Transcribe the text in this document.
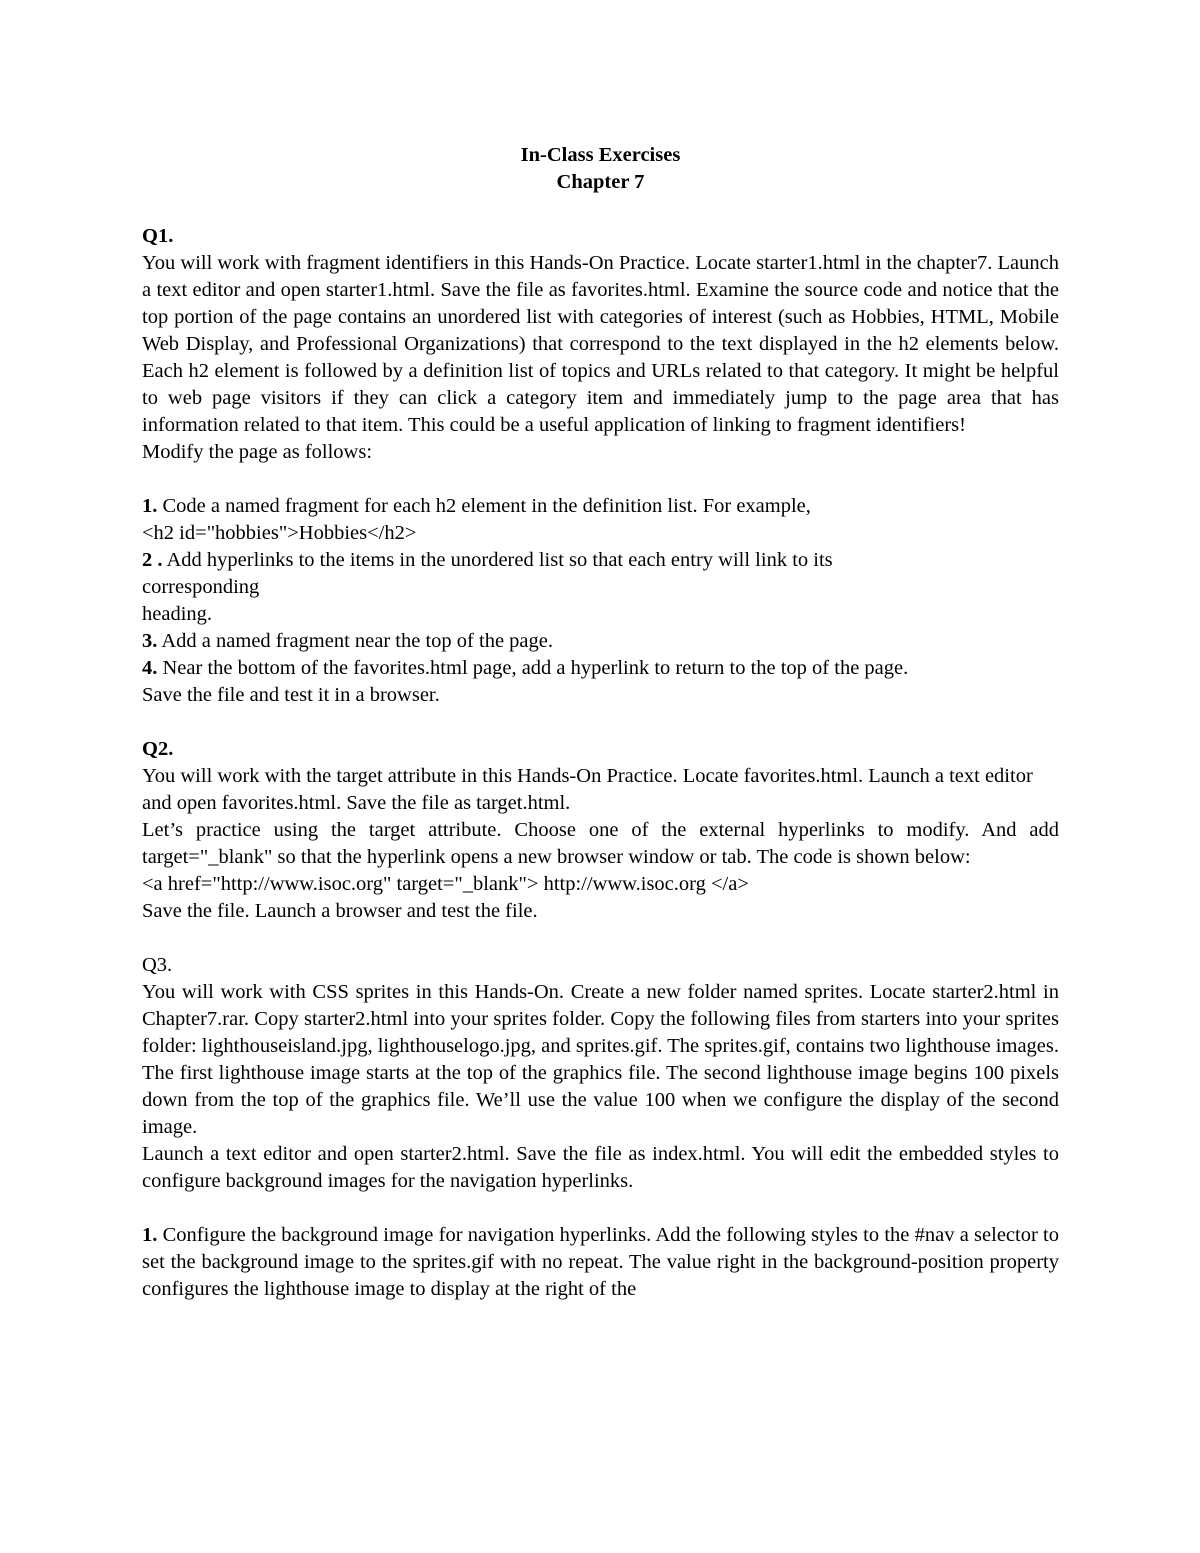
In-Class Exercises
Chapter 7
Q1.

You will work with fragment identifiers in this Hands-On Practice. Locate starter1.html in the chapter7. Launch a text editor and open starter1.html. Save the file as favorites.html. Examine the source code and notice that the top portion of the page contains an unordered list with categories of interest (such as Hobbies, HTML, Mobile Web Display, and Professional Organizations) that correspond to the text displayed in the h2 elements below. Each h2 element is followed by a definition list of topics and URLs related to that category. It might be helpful to web page visitors if they can click a category item and immediately jump to the page area that has information related to that item. This could be a useful application of linking to fragment identifiers!

Modify the page as follows:

1. Code a named fragment for each h2 element in the definition list. For example,

<h2 id="hobbies">Hobbies</h2>

2 . Add hyperlinks to the items in the unordered list so that each entry will link to its

corresponding

heading.

3. Add a named fragment near the top of the page.

4. Near the bottom of the favorites.html page, add a hyperlink to return to the top of the page.

Save the file and test it in a browser.

Q2.

You will work with the target attribute in this Hands-On Practice. Locate favorites.html. Launch a text editor and open favorites.html. Save the file as target.html.

Let’s practice using the target attribute. Choose one of the external hyperlinks to modify. And add target="_blank" so that the hyperlink opens a new browser window or tab. The code is shown below:

<a href="http://www.isoc.org" target="_blank"> http://www.isoc.org </a>

Save the file. Launch a browser and test the file.

Q3.

You will work with CSS sprites in this Hands-On. Create a new folder named sprites. Locate starter2.html in Chapter7.rar. Copy starter2.html into your sprites folder. Copy the following files from starters into your sprites folder: lighthouseisland.jpg, lighthouselogo.jpg, and sprites.gif. The sprites.gif, contains two lighthouse images. The first lighthouse image starts at the top of the graphics file. The second lighthouse image begins 100 pixels down from the top of the graphics file. We’ll use the value 100 when we configure the display of the second image.

Launch a text editor and open starter2.html. Save the file as index.html. You will edit the embedded styles to configure background images for the navigation hyperlinks.

1. Configure the background image for navigation hyperlinks. Add the following styles to the #nav a selector to set the background image to the sprites.gif with no repeat. The value right in the background-position property configures the lighthouse image to display at the right of the
